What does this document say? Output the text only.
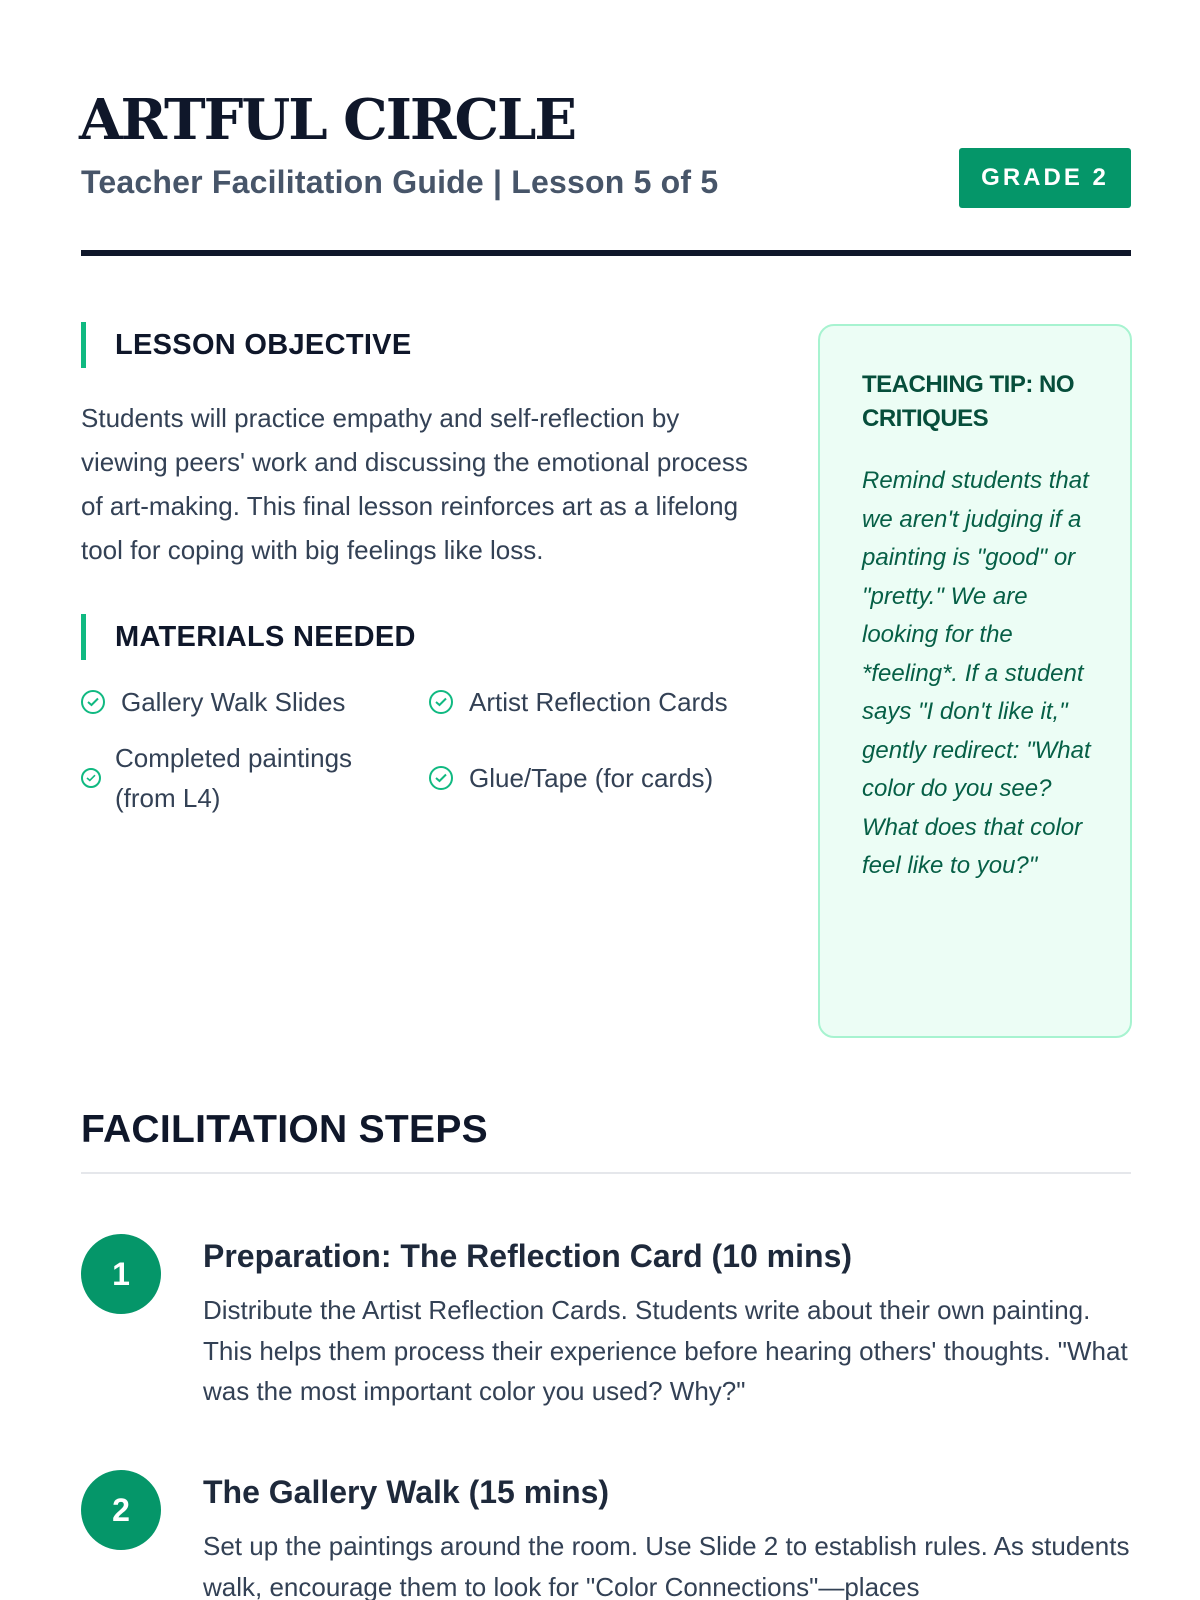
ARTFUL CIRCLE
Teacher Facilitation Guide | Lesson 5 of 5	GRADE 2
LESSON OBJECTIVE

Students will practice empathy and self-reflection by viewing peers' work and discussing the emotional process of art-making. This final lesson reinforces art as a lifelong tool for coping with big feelings like loss.

MATERIALS NEEDED
Gallery Walk Slides	Artist Reflection Cards
Completed paintings (from L4)
Glue/Tape (for cards)
TEACHING TIP: NO CRITIQUES

Remind students that we aren't judging if a painting is "good" or "pretty." We are looking for the *feeling*. If a student says "I don't like it," gently redirect: "What color do you see? What does that color feel like to you?"

FACILITATION STEPS
1	Preparation: The Reflection Card (10 mins)

Distribute the Artist Reflection Cards. Students write about their own painting. This helps them process their experience before hearing others' thoughts. "What was the most important color you used? Why?"

2	The Gallery Walk (15 mins)

Set up the paintings around the room. Use Slide 2 to establish rules. As students walk, encourage them to look for "Color Connections"—places
